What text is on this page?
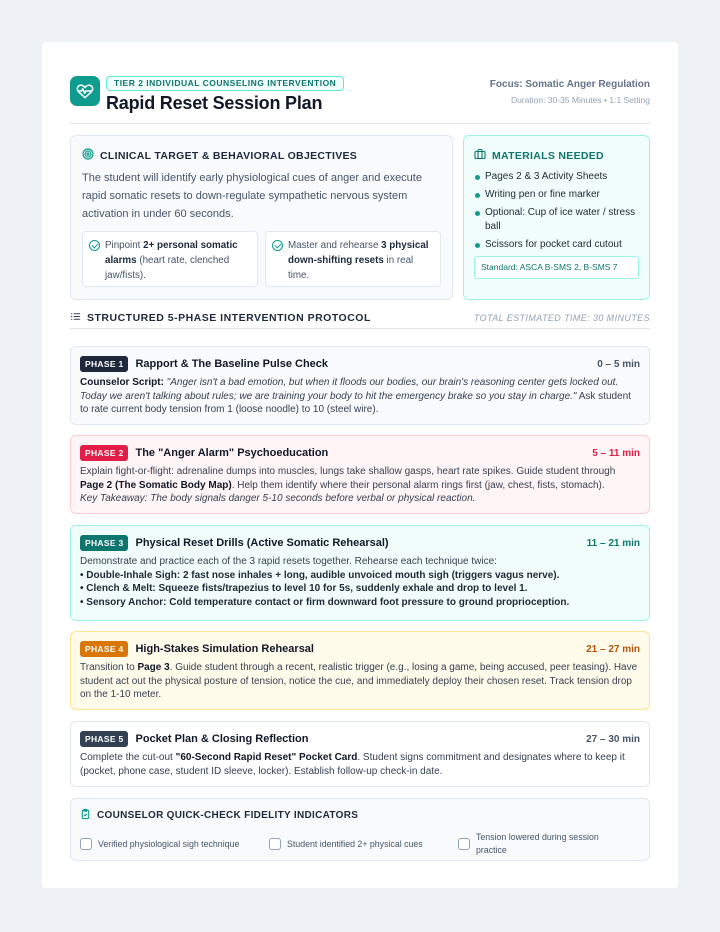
TIER 2 INDIVIDUAL COUNSELING INTERVENTION
Rapid Reset Session Plan
Focus: Somatic Anger Regulation
Duration: 30-35 Minutes • 1:1 Setting
CLINICAL TARGET & BEHAVIORAL OBJECTIVES

The student will identify early physiological cues of anger and execute rapid somatic resets to down-regulate sympathetic nervous system activation in under 60 seconds.

Pinpoint 2+ personal somatic alarms (heart rate, clenched jaw/fists).
Master and rehearse 3 physical down-shifting resets in real time.
MATERIALS NEEDED
Pages 2 & 3 Activity Sheets
Writing pen or fine marker
Optional: Cup of ice water / stress ball
Scissors for pocket card cutout
Standard: ASCA B-SMS 2, B-SMS 7
STRUCTURED 5-PHASE INTERVENTION PROTOCOL	TOTAL ESTIMATED TIME: 30 MINUTES
PHASE 1	Rapport & The Baseline Pulse Check	0 – 5 min

Counselor Script: "Anger isn't a bad emotion, but when it floods our bodies, our brain's reasoning center gets locked out. Today we aren't talking about rules; we are training your body to hit the emergency brake so you stay in charge." Ask student to rate current body tension from 1 (loose noodle) to 10 (steel wire).

PHASE 2	The "Anger Alarm" Psychoeducation	5 – 11 min

Explain fight-or-flight: adrenaline dumps into muscles, lungs take shallow gasps, heart rate spikes. Guide student through Page 2 (The Somatic Body Map). Help them identify where their personal alarm rings first (jaw, chest, fists, stomach).
Key Takeaway: The body signals danger 5-10 seconds before verbal or physical reaction.

PHASE 3	Physical Reset Drills (Active Somatic Rehearsal)	11 – 21 min
Demonstrate and practice each of the 3 rapid resets together. Rehearse each technique twice:
• Double-Inhale Sigh: 2 fast nose inhales + long, audible unvoiced mouth sigh (triggers vagus nerve).
• Clench & Melt: Squeeze fists/trapezius to level 10 for 5s, suddenly exhale and drop to level 1.
• Sensory Anchor: Cold temperature contact or firm downward foot pressure to ground proprioception.
PHASE 4	High-Stakes Simulation Rehearsal	21 – 27 min

Transition to Page 3. Guide student through a recent, realistic trigger (e.g., losing a game, being accused, peer teasing). Have student act out the physical posture of tension, notice the cue, and immediately deploy their chosen reset. Track tension drop on the 1-10 meter.

PHASE 5	Pocket Plan & Closing Reflection	27 – 30 min

Complete the cut-out "60-Second Rapid Reset" Pocket Card. Student signs commitment and designates where to keep it (pocket, phone case, student ID sleeve, locker). Establish follow-up check-in date.

COUNSELOR QUICK-CHECK FIDELITY INDICATORS
Verified physiological sigh technique	Student identified 2+ physical cues
Tension lowered during session practice
